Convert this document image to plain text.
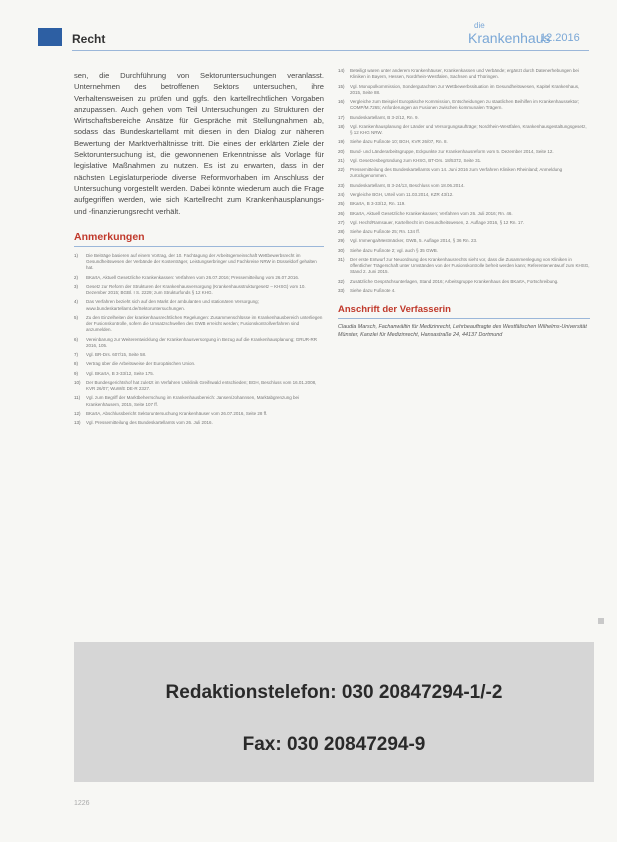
Recht
die
Krankenhaus
12.2016

sen, die Durchführung von Sektoruntersuchungen veranlasst. Unternehmen des betroffenen Sektors untersuchen, ihre Verhaltensweisen zu prüfen und ggfs. den kartellrechtlichen Vorgaben anzupassen. Auch gehen vom Teil Untersuchungen zu Strukturen der Wirtschaftsbereiche Ansätze für Gespräche mit Stellungnahmen ab, sodass das Bundeskartellamt mit diesen in den Dialog zur näheren Bewertung der Marktverhältnisse tritt. Die eines der erklärten Ziele der Sektoruntersuchung ist, die gewonnenen Erkenntnisse als Vorlage für legislative Maßnahmen zu nutzen. Es ist zu erwarten, dass in der nächsten Legislaturperiode diverse Reformvorhaben im Anschluss der Untersuchung vorgestellt werden. Dabei könnte wiederum auch die Frage aufgegriffen werden, wie sich Kartellrecht zum Krankenhausplanungs- und -finanzierungsrecht verhält.

Anmerkungen
1)	Die Beiträge basieren auf einem Vortrag, der 10. Fachtagung der Arbeitsgemeinschaft Wettbewerbsrecht im Gesundheitswesen der Verbände der Kostenträger, Leistungserbringer und Fachkreise NRW in Düsseldorf gehalten hat.
2)	BKartA, Aktuell Gesetzliche Krankenkassen: Verfahren vom 26.07.2016; Pressemitteilung vom 26.07.2016.
3)	Gesetz zur Reform der Strukturen der Krankenhausversorgung (Krankenhausstrukturgesetz – KHSG) vom 10. Dezember 2015; BGBl. I S. 2229; zum Strukturfonds § 12 KHG.
4)	Das Verfahren bezieht sich auf den Markt der ambulanten und stationären Versorgung; www.bundeskartellamt.de/Sektoruntersuchungen.
5)	Zu den Einzelheiten der krankenhausrechtlichen Regelungen: Zusammenschlüsse im Krankenhausbereich unterliegen der Fusionskontrolle, sofern die Umsatzschwellen des GWB erreicht werden; Fusionskontrollverfahren sind anzumelden.
6)	Vereinbarung zur Weiterentwicklung der Krankenhausversorgung in Bezug auf die Krankenhausplanung; GRUR-RR 2016, 105.
7)	Vgl. BR-Drs. 607/15, Seite 58.
8)	Vertrag über die Arbeitsweise der Europäischen Union.
9)	Vgl. BKartA, B 3-33/12, Seite 175.
10)	Der Bundesgerichtshof hat zuletzt im Verfahren Uniklinik Greifswald entschieden; BGH, Beschluss vom 16.01.2008, KVR 26/07; WuW/E DE-R 2327.
11)	Vgl. zum Begriff der Marktbeherrschung im Krankenhausbereich: Jansen/Johannsen, Marktabgrenzung bei Krankenhäusern, 2015, Seite 107 ff.
12)	BKartA, Abschlussbericht Sektoruntersuchung Krankenhäuser vom 26.07.2016, Seite 28 ff.
13)	Vgl. Pressemitteilung des Bundeskartellamts vom 26. Juli 2016.
14)	Beteiligt waren unter anderem Krankenhäuser, Krankenkassen und Verbände; ergänzt durch Datenerhebungen bei Kliniken in Bayern, Hessen, Nordrhein-Westfalen, Sachsen und Thüringen.
15)	Vgl. Monopolkommission, Sondergutachten zur Wettbewerbssituation im Gesundheitswesen, Kapitel Krankenhaus, 2015, Seite 88.
16)	Vergleiche zum Beispiel Europäische Kommission, Entscheidungen zu staatlichen Beihilfen im Krankenhaussektor; COMP/M.7265; Anforderungen an Fusionen zwischen kommunalen Trägern.
17)	Bundeskartellamt, B 3-2/12, Rn. 9.
18)	Vgl. Krankenhausplanung der Länder und Versorgungsaufträge; Nordrhein-Westfalen, Krankenhausgestaltungsgesetz, § 12 KHG NRW.
19)	Siehe dazu Fußnote 10; BGH, KVR 26/07, Rn. 8.
20)	Bund- und Länderarbeitsgruppe, Eckpunkte zur Krankenhausreform vom 5. Dezember 2014, Seite 12.
21)	Vgl. Gesetzesbegründung zum KHSG, BT-Drs. 18/5372, Seite 31.
22)	Pressemitteilung des Bundeskartellamts vom 14. Juni 2016 zum Verfahren Kliniken Rheinland; Anmeldung zurückgenommen.
23)	Bundeskartellamt, B 3-24/13, Beschluss vom 18.06.2014.
24)	Vergleiche BGH, Urteil vom 11.03.2014, KZR 43/12.
25)	BKartA, B 3-33/12, Rn. 119.
26)	BKartA, Aktuell Gesetzliche Krankenkassen; Verfahren vom 26. Juli 2016; Rn. 46.
27)	Vgl. Hecht/Ramsauer, Kartellrecht im Gesundheitswesen, 2. Auflage 2016, § 12 Rn. 17.
28)	Siehe dazu Fußnote 25; Rn. 134 ff.
29)	Vgl. Immenga/Mestmäcker, GWB, 5. Auflage 2014, § 36 Rn. 23.
30)	Siehe dazu Fußnote 2; vgl. auch § 35 GWB.
31)	Der erste Entwurf zur Neuordnung des Krankenhausrechts sieht vor, dass die Zusammenlegung von Kliniken in öffentlicher Trägerschaft unter Umständen von der Fusionskontrolle befreit werden kann; Referentenentwurf zum KHSG, Stand 2. Juni 2015.
32)	Zusätzliche Gesprächsunterlagen, Stand 2016; Arbeitsgruppe Krankenhaus des BKartA, Fortschreibung.
33)	Siehe dazu Fußnote 4.
Anschrift der Verfasserin
Claudia Marsch, Fachanwältin für Medizinrecht, Lehrbeauftragte des Westfälischen Wilhelms-Universität Münster, Kanzlei für Medizinrecht, Hansastraße 24, 44137 Dortmund
Redaktionstelefon: 030 20847294-1/-2
Fax: 030 20847294-9
1226
